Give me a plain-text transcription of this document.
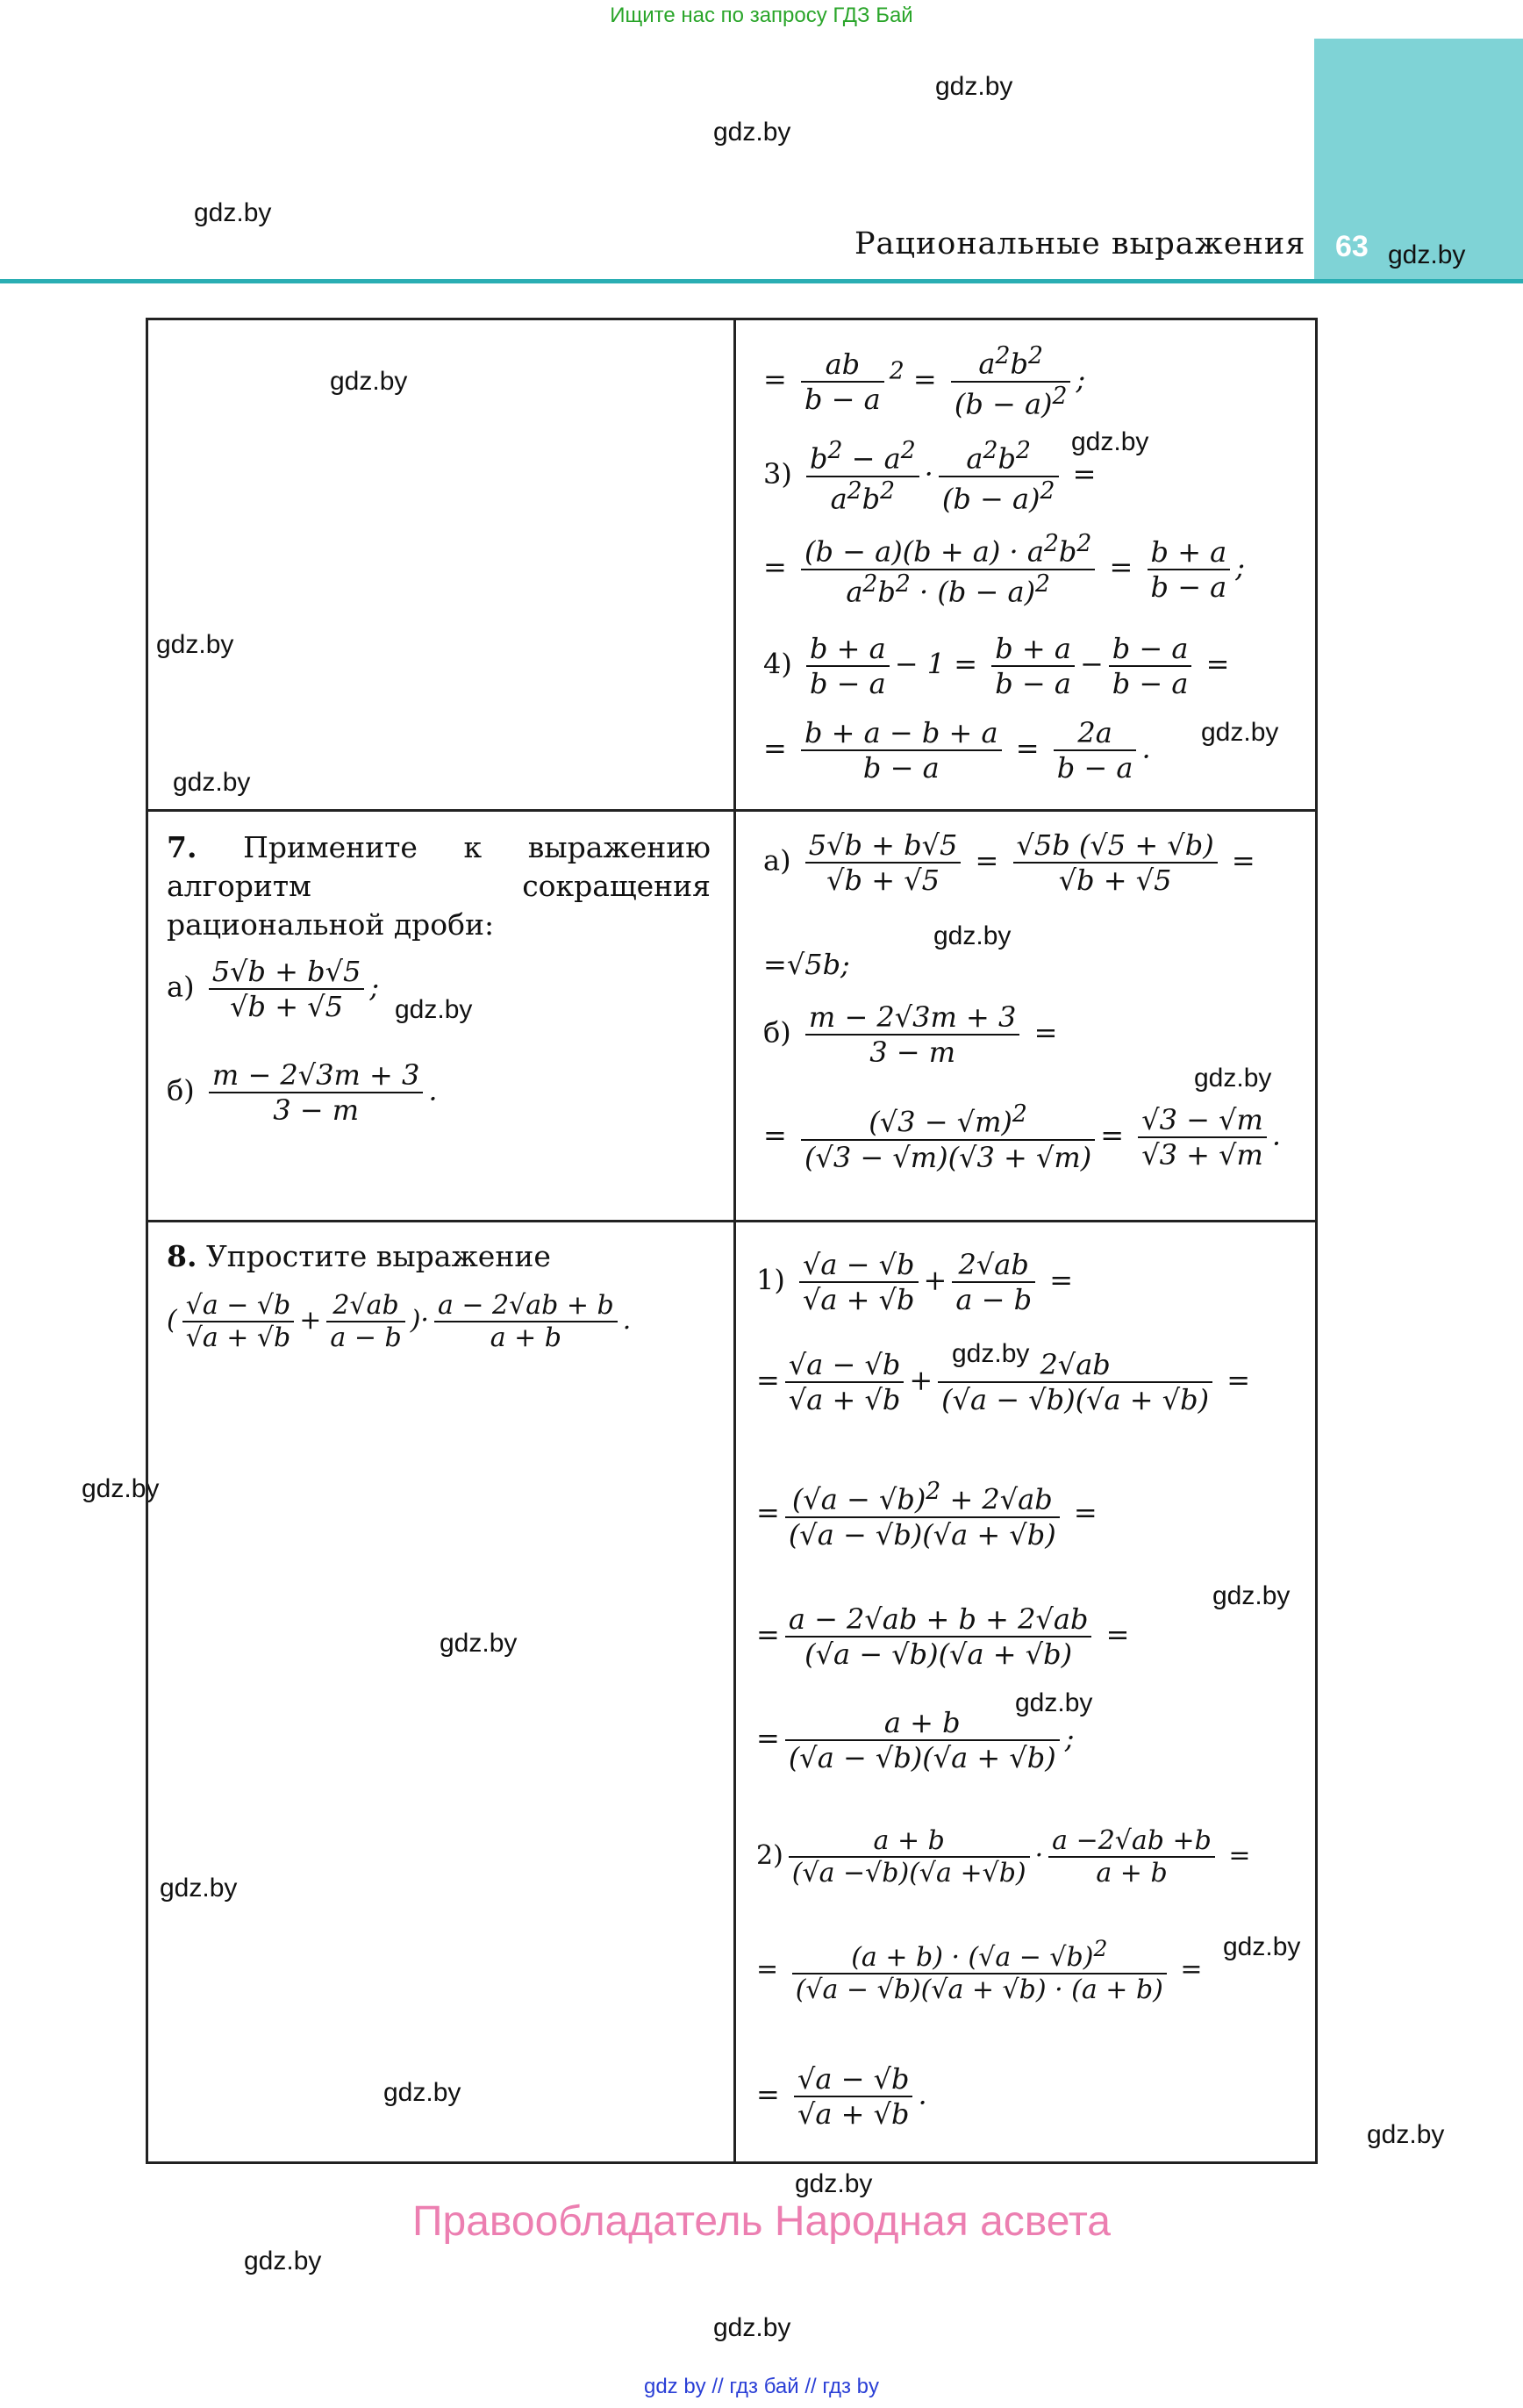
Ищите нас по запросу ГДЗ Бай
Рациональные выражения 63
gdz.by
gdz.by
gdz.by
gdz.by
gdz.by
gdz.by
gdz.by
gdz.by
gdz.by
gdz.by
gdz.by
gdz.by
gdz.by
gdz.by
gdz.by
gdz.by
gdz.by
gdz.by
gdz.by
gdz.by
gdz.by
gdz.by
gdz.by
gdz.by
= $\frac{ab}{b - a} ^2 = \frac{a^2b^2}{(b - a)^2}$ ;
$3) \frac{b^2 - a^2}{a^2b^2} \cdot \frac{a^2b^2}{(b - a)^2}$ =
= $\frac{(b - a)(b + a) \cdot a^2b^2}{a^2b^2 \cdot (b - a)^2} = \frac{b + a}{b - a}$ ;
$4) \frac{b + a}{b - a} - 1 = \frac{b + a}{b - a} - \frac{b - a}{b - a}$ =
= $\frac{b + a - b + a}{b - a} = \frac{2a}{b - a}$ .
7. Примените к выражению алгоритм сокращения рациональной дроби:
$а) \frac{5√b + b√5}{√b + √5}$ ;
$б) \frac{m - 2√3m + 3}{3 - m}$ .
$а) \frac{5√b + b√5}{√b + √5} = \frac{√5b (√5 + √b)}{√b + √5}$ =
=√5b;
$б) \frac{m - 2√3m + 3}{3 - m}$ =
= $\frac{(√3 - √m)^2}{(√3 - √m)(√3 + √m)} = \frac{√3 - √m}{√3 + √m}$ .
8. Упростите выражение
( $\frac{√a - √b}{√a + √b} + \frac{2√ab}{a - b}$ )· $\frac{a - 2√ab + b}{a + b}$ .
$1) \frac{√a - √b}{√a + √b} + \frac{2√ab}{a - b}$ =
= $\frac{√a - √b}{√a + √b} + \frac{2√ab}{(√a - √b)(√a + √b)}$ =
= $\frac{(√a - √b)^2 + 2√ab}{(√a - √b)(√a + √b)}$ =
= $\frac{a - 2√ab + b + 2√ab}{(√a - √b)(√a + √b)}$ =
= $\frac{a + b}{(√a - √b)(√a + √b)}$ ;
$2) \frac{a + b}{(√a -√b)(√a +√b)} \cdot \frac{a -2√ab +b}{a + b}$ =
= $\frac{(a + b) \cdot (√a - √b)^2}{(√a - √b)(√a + √b) \cdot (a + b)}$ =
= $\frac{√a - √b}{√a + √b}$ .
Правообладатель Народная асвета
gdz by // гдз бай // гдз by
